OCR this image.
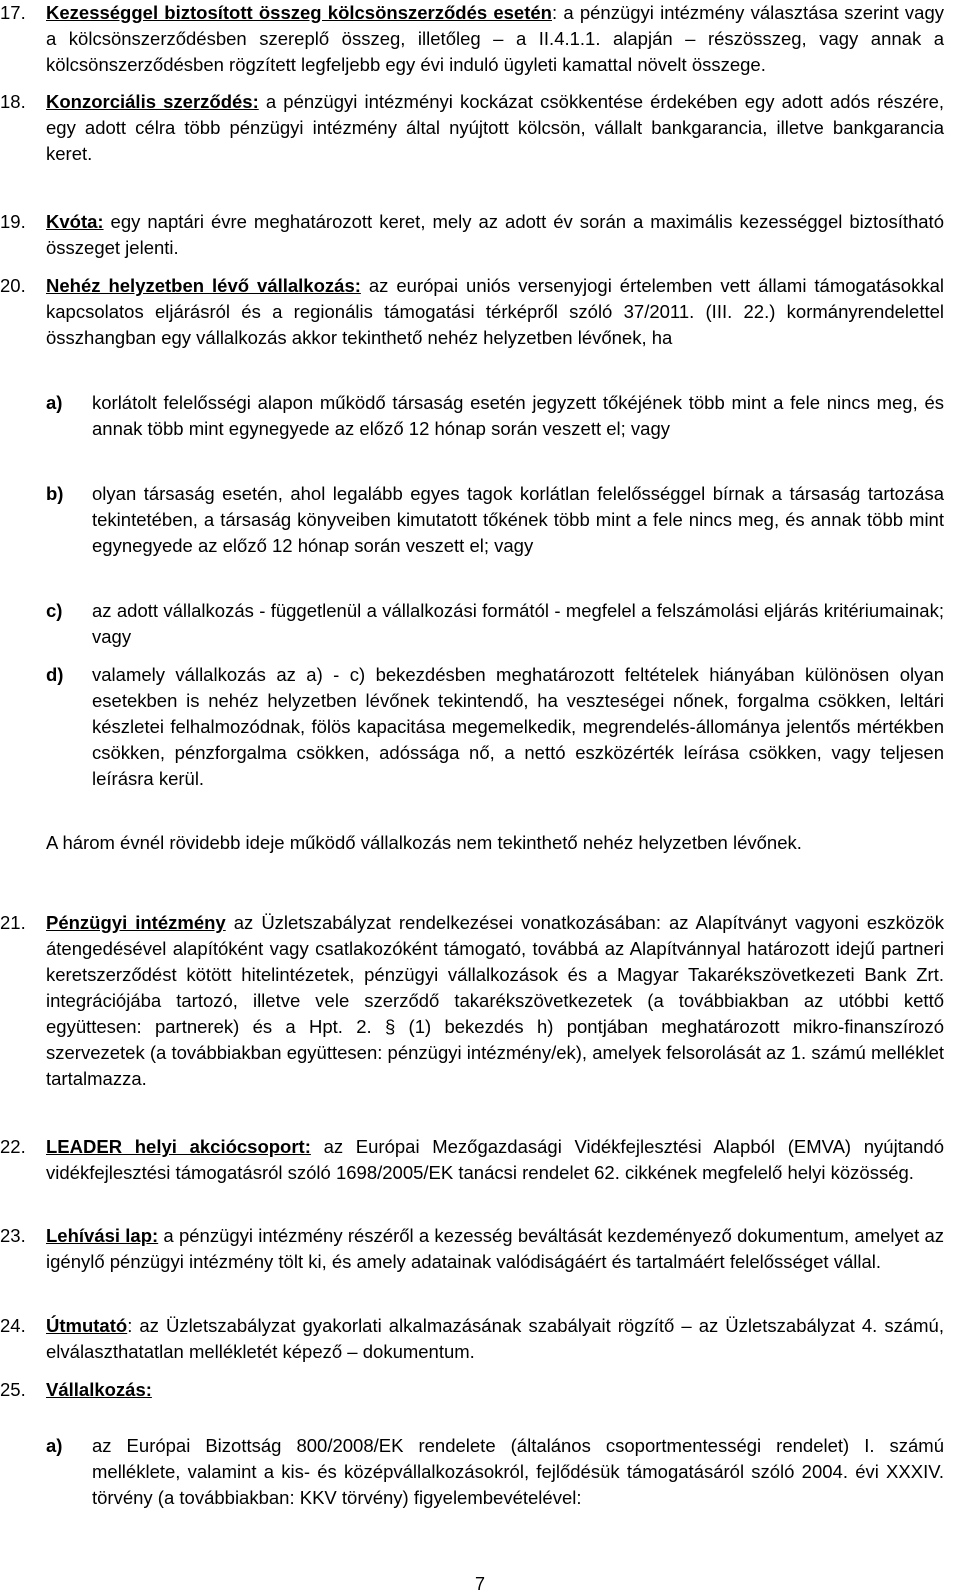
17. Kezességgel biztosított összeg kölcsönszerződés esetén: a pénzügyi intézmény választása szerint vagy a kölcsönszerződésben szereplő összeg, illetőleg – a II.4.1.1. alapján – részösszeg, vagy annak a kölcsönszerződésben rögzített legfeljebb egy évi induló ügyleti kamattal növelt összege.
18. Konzorciális szerződés: a pénzügyi intézményi kockázat csökkentése érdekében egy adott adós részére, egy adott célra több pénzügyi intézmény által nyújtott kölcsön, vállalt bankgarancia, illetve bankgarancia keret.
19. Kvóta: egy naptári évre meghatározott keret, mely az adott év során a maximális kezességgel biztosítható összeget jelenti.
20. Nehéz helyzetben lévő vállalkozás: az európai uniós versenyjogi értelemben vett állami támogatásokkal kapcsolatos eljárásról és a regionális támogatási térképről szóló 37/2011. (III. 22.) kormányrendelettel összhangban egy vállalkozás akkor tekinthető nehéz helyzetben lévőnek, ha
a) korlátolt felelősségi alapon működő társaság esetén jegyzett tőkéjének több mint a fele nincs meg, és annak több mint egynegyede az előző 12 hónap során veszett el; vagy
b) olyan társaság esetén, ahol legalább egyes tagok korlátlan felelősséggel bírnak a társaság tartozása tekintetében, a társaság könyveiben kimutatott tőkének több mint a fele nincs meg, és annak több mint egynegyede az előző 12 hónap során veszett el; vagy
c) az adott vállalkozás - függetlenül a vállalkozási formától - megfelel a felszámolási eljárás kritériumainak; vagy
d) valamely vállalkozás az a) - c) bekezdésben meghatározott feltételek hiányában különösen olyan esetekben is nehéz helyzetben lévőnek tekintendő, ha veszteségei nőnek, forgalma csökken, leltári készletei felhalmozódnak, fölös kapacitása megemelkedik, megrendelés-állománya jelentős mértékben csökken, pénzforgalma csökken, adóssága nő, a nettó eszközérték leírása csökken, vagy teljesen leírásra kerül.
A három évnél rövidebb ideje működő vállalkozás nem tekinthető nehéz helyzetben lévőnek.
21. Pénzügyi intézmény az Üzletszabályzat rendelkezései vonatkozásában: az Alapítványt vagyoni eszközök átengedésével alapítóként vagy csatlakozóként támogató, továbbá az Alapítvánnyal határozott idejű partneri keretszerződést kötött hitelintézetek, pénzügyi vállalkozások és a Magyar Takarékszövetkezeti Bank Zrt. integrációjába tartozó, illetve vele szerződő takarékszövetkezetek (a továbbiakban az utóbbi kettő együttesen: partnerek) és a Hpt. 2. § (1) bekezdés h) pontjában meghatározott mikro-finanszírozó szervezetek (a továbbiakban együttesen: pénzügyi intézmény/ek), amelyek felsorolását az 1. számú melléklet tartalmazza.
22. LEADER helyi akciócsoport: az Európai Mezőgazdasági Vidékfejlesztési Alapból (EMVA) nyújtandó vidékfejlesztési támogatásról szóló 1698/2005/EK tanácsi rendelet 62. cikkének megfelelő helyi közösség.
23. Lehívási lap: a pénzügyi intézmény részéről a kezesség beváltását kezdeményező dokumentum, amelyet az igénylő pénzügyi intézmény tölt ki, és amely adatainak valódiságáért és tartalmáért felelősséget vállal.
24. Útmutató: az Üzletszabályzat gyakorlati alkalmazásának szabályait rögzítő – az Üzletszabályzat 4. számú, elválaszthatatlan mellékletét képező – dokumentum.
25. Vállalkozás:
a) az Európai Bizottság 800/2008/EK rendelete (általános csoportmentességi rendelet) I. számú melléklete, valamint a kis- és középvállalkozásokról, fejlődésük támogatásáról szóló 2004. évi XXXIV. törvény (a továbbiakban: KKV törvény) figyelembevételével:
7
